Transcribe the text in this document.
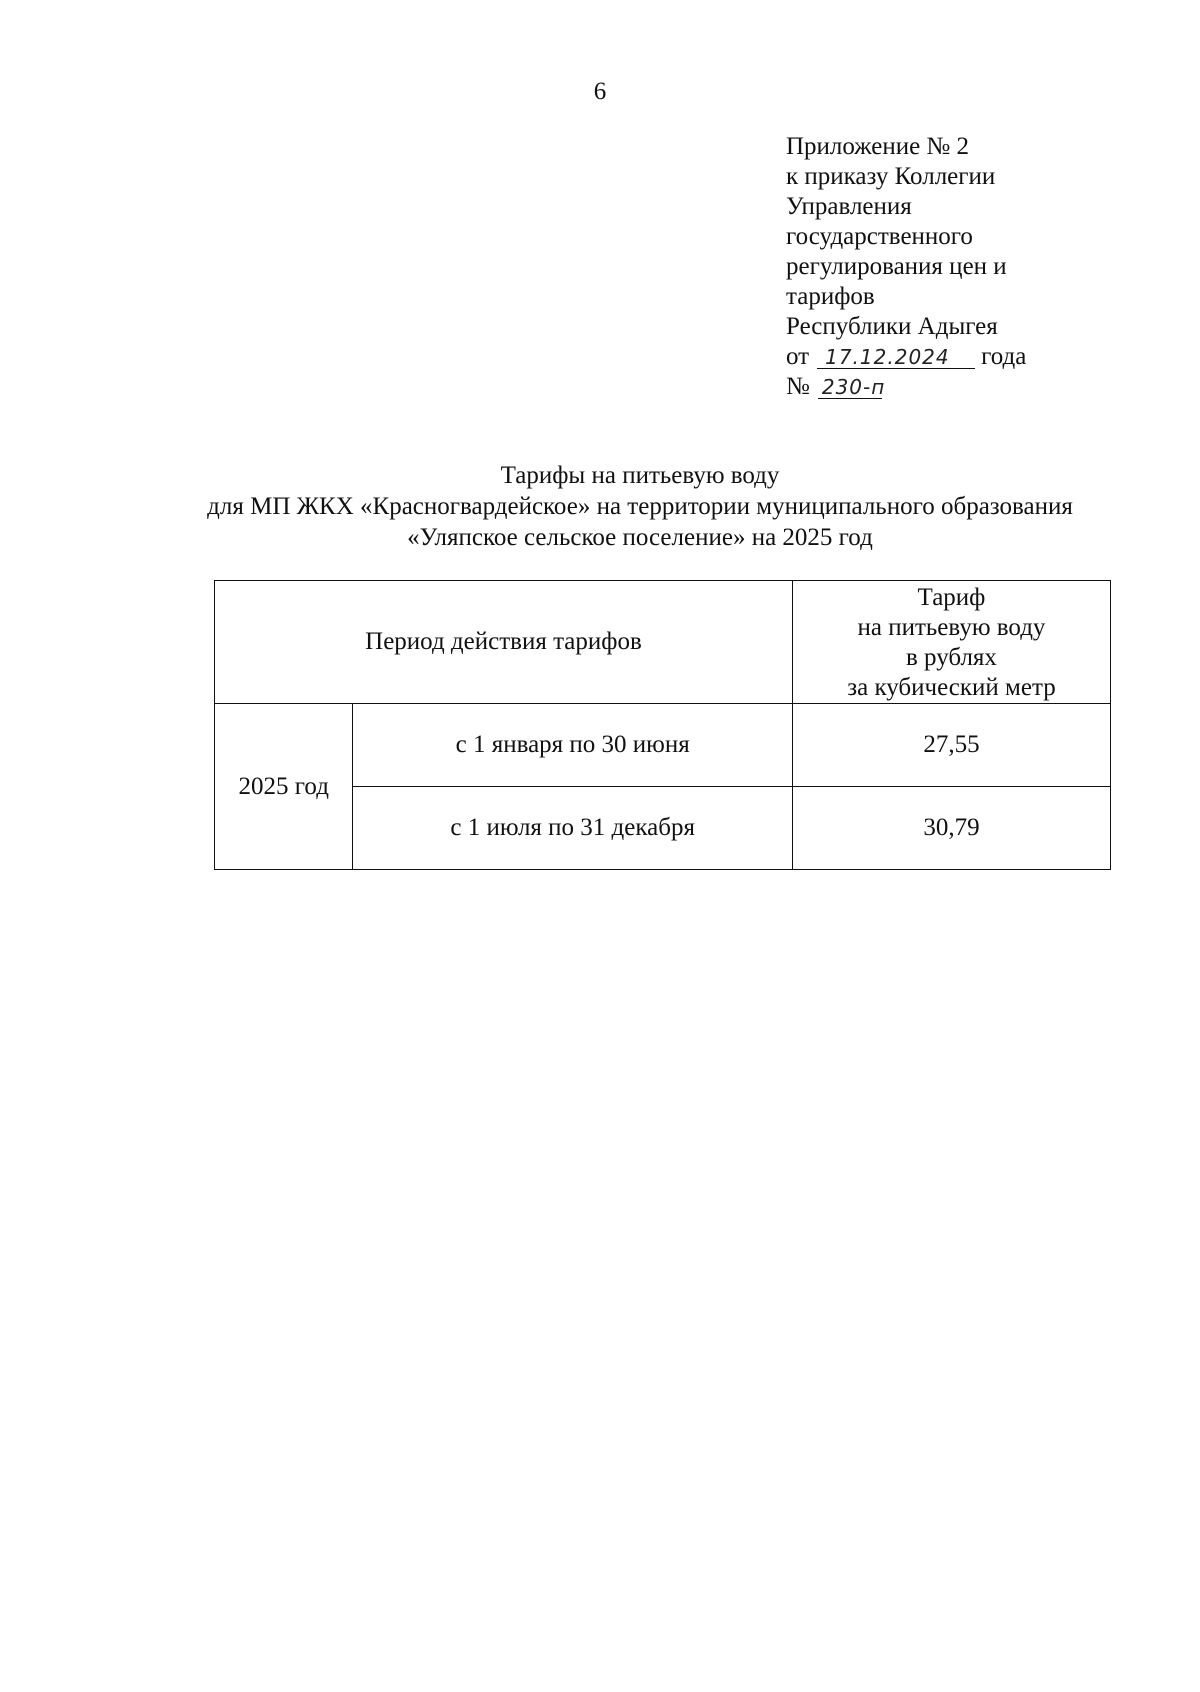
6
Приложение № 2
к приказу Коллегии
Управления
государственного
регулирования цен и
тарифов
Республики Адыгея
от 17.12.2024 года
№ 230-п
Тарифы на питьевую воду
для МП ЖКХ «Красногвардейское» на территории муниципального образования
«Уляпское сельское поселение» на 2025 год
Период действия тарифов		Тариф
на питьевую воду
в рублях
за кубический метр

2025 год	с 1 января по 30 июня	27,55
	с 1 июля по 31 декабря	30,79
